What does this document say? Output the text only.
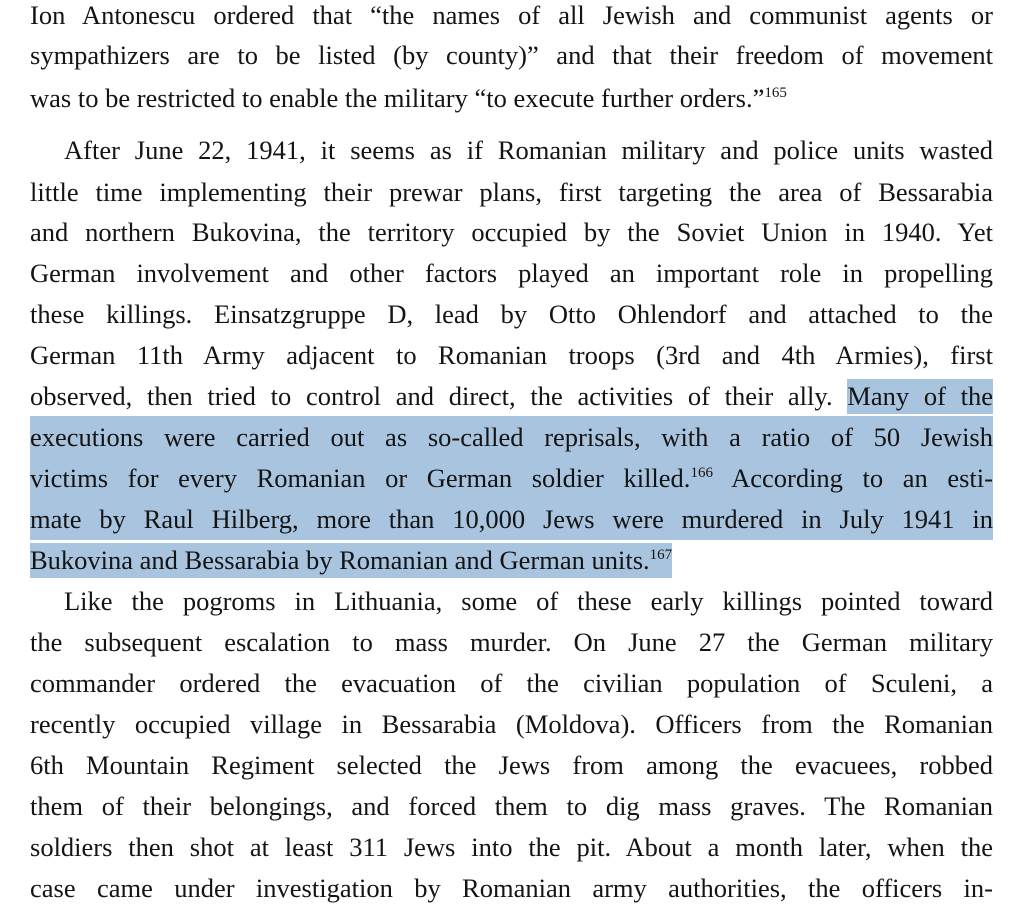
Ion Antonescu ordered that “the names of all Jewish and communist agents or
sympathizers are to be listed (by county)” and that their freedom of movement
was to be restricted to enable the military “to execute further orders.”$^{165}$
After June 22, 1941, it seems as if Romanian military and police units wasted
little time implementing their prewar plans, first targeting the area of Bessarabia
and northern Bukovina, the territory occupied by the Soviet Union in 1940. Yet
German involvement and other factors played an important role in propelling
these killings. Einsatzgruppe D, lead by Otto Ohlendorf and attached to the
German 11th Army adjacent to Romanian troops (3rd and 4th Armies), first
observed, then tried to control and direct, the activities of their ally. Many of the
executions were carried out as so-called reprisals, with a ratio of 50 Jewish
victims for every Romanian or German soldier killed.$^{166}$ According to an esti-
mate by Raul Hilberg, more than 10,000 Jews were murdered in July 1941 in
Bukovina and Bessarabia by Romanian and German units.$^{167}$
Like the pogroms in Lithuania, some of these early killings pointed toward
the subsequent escalation to mass murder. On June 27 the German military
commander ordered the evacuation of the civilian population of Sculeni, a
recently occupied village in Bessarabia (Moldova). Officers from the Romanian
6th Mountain Regiment selected the Jews from among the evacuees, robbed
them of their belongings, and forced them to dig mass graves. The Romanian
soldiers then shot at least 311 Jews into the pit. About a month later, when the
case came under investigation by Romanian army authorities, the officers in-
